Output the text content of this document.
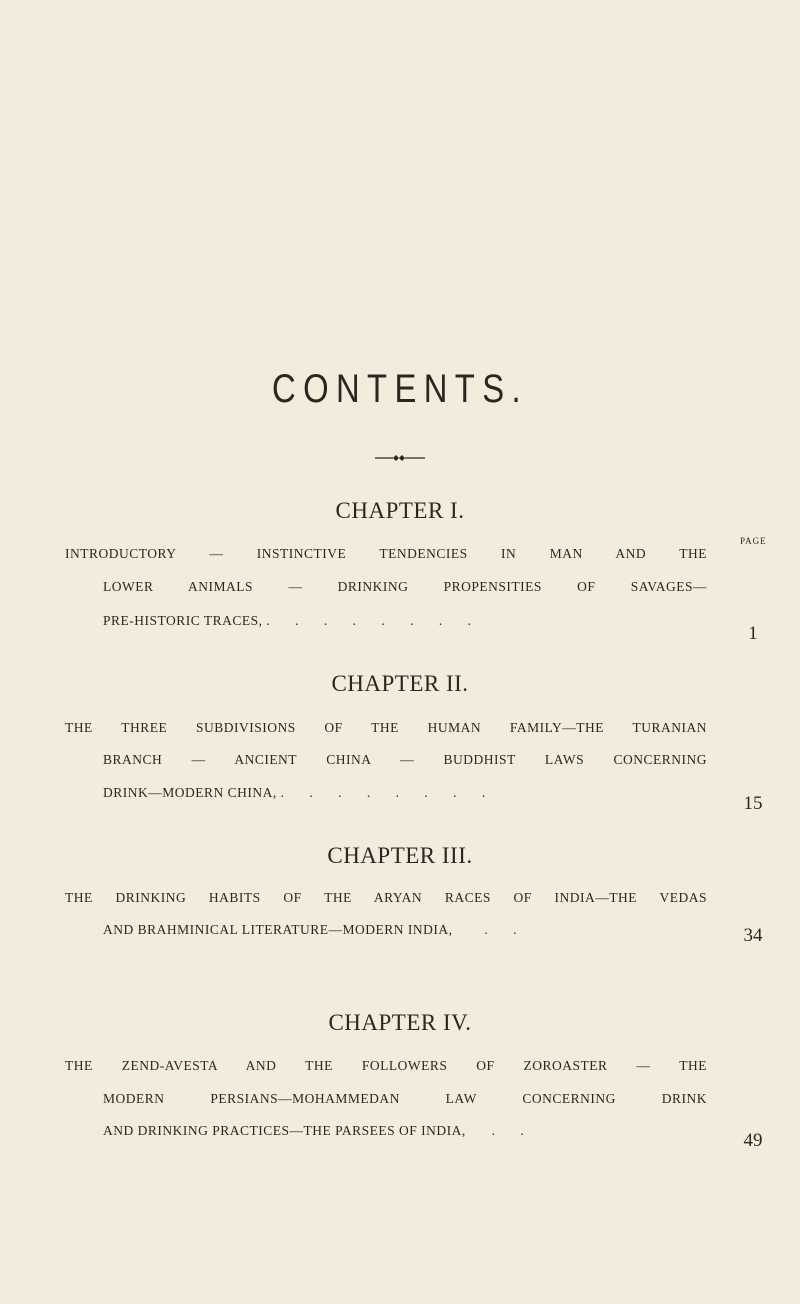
CONTENTS.
CHAPTER I.
PAGE
INTRODUCTORY — INSTINCTIVE TENDENCIES IN MAN AND THE
LOWER ANIMALS — DRINKING PROPENSITIES OF SAVAGES—
PRE-HISTORIC TRACES, . . . . . . . .
1
CHAPTER II.
THE THREE SUBDIVISIONS OF THE HUMAN FAMILY—THE TURANIAN
BRANCH — ANCIENT CHINA — BUDDHIST LAWS CONCERNING
DRINK—MODERN CHINA, . . . . . . . .
15
CHAPTER III.
THE DRINKING HABITS OF THE ARYAN RACES OF INDIA—THE VEDAS
AND BRAHMINICAL LITERATURE—MODERN INDIA, . .	34
CHAPTER IV.
THE ZEND-AVESTA AND THE FOLLOWERS OF ZOROASTER — THE
MODERN PERSIANS—MOHAMMEDAN LAW CONCERNING DRINK
AND DRINKING PRACTICES—THE PARSEES OF INDIA, . .	49
